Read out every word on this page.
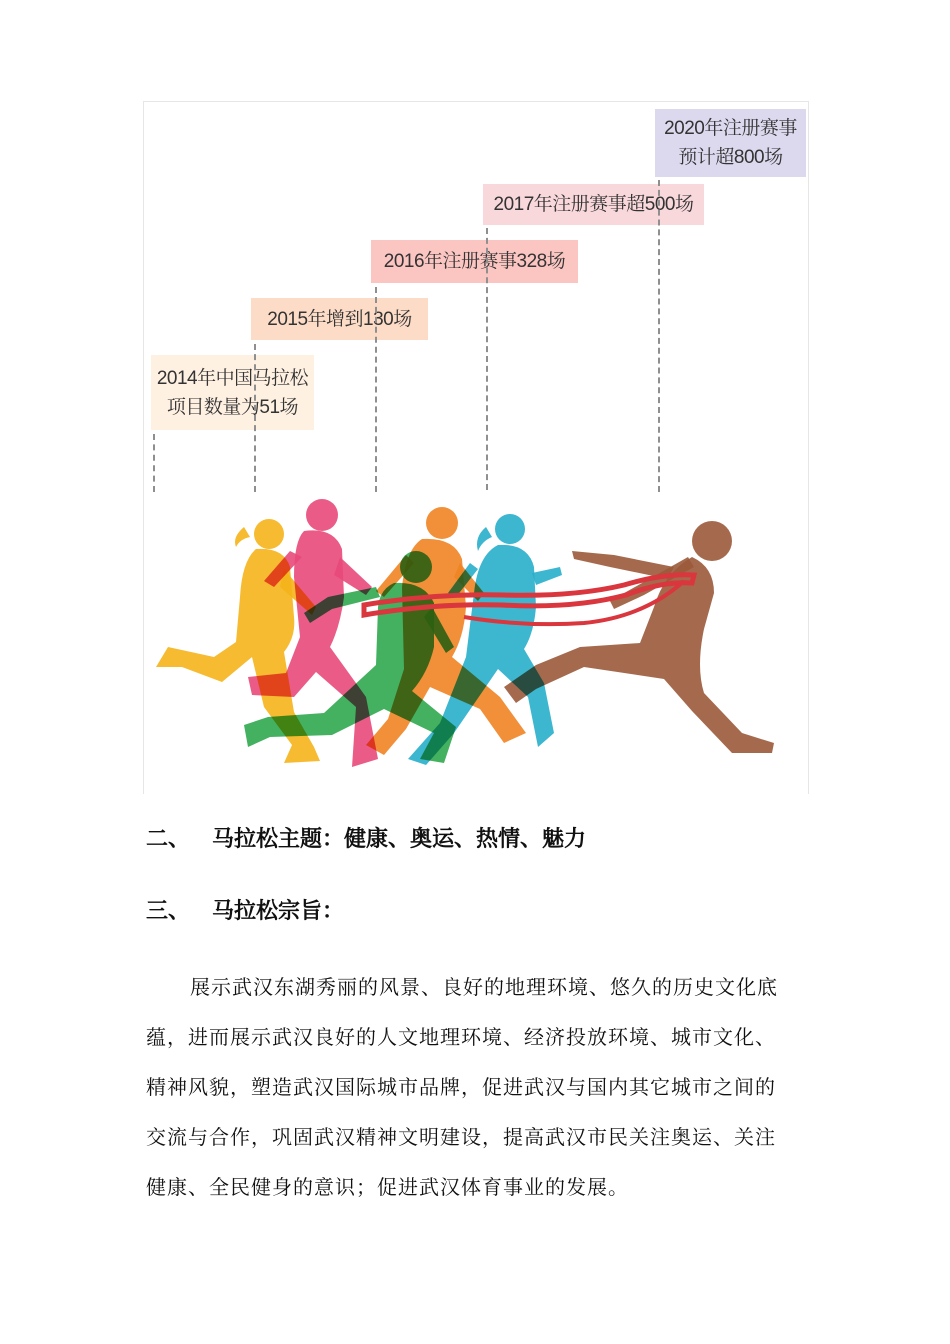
2014年中国马拉松
项目数量为51场
2015年增到130场
2016年注册赛事328场
2017年注册赛事超500场
2020年注册赛事
预计超800场
二、 马拉松主题：健康、奥运、热情、魅力
三、 马拉松宗旨：
展示武汉东湖秀丽的风景、良好的地理环境、悠久的历史文化底
蕴，进而展示武汉良好的人文地理环境、经济投放环境、城市文化、
精神风貌，塑造武汉国际城市品牌，促进武汉与国内其它城市之间的
交流与合作，巩固武汉精神文明建设，提高武汉市民关注奥运、关注
健康、全民健身的意识；促进武汉体育事业的发展。
